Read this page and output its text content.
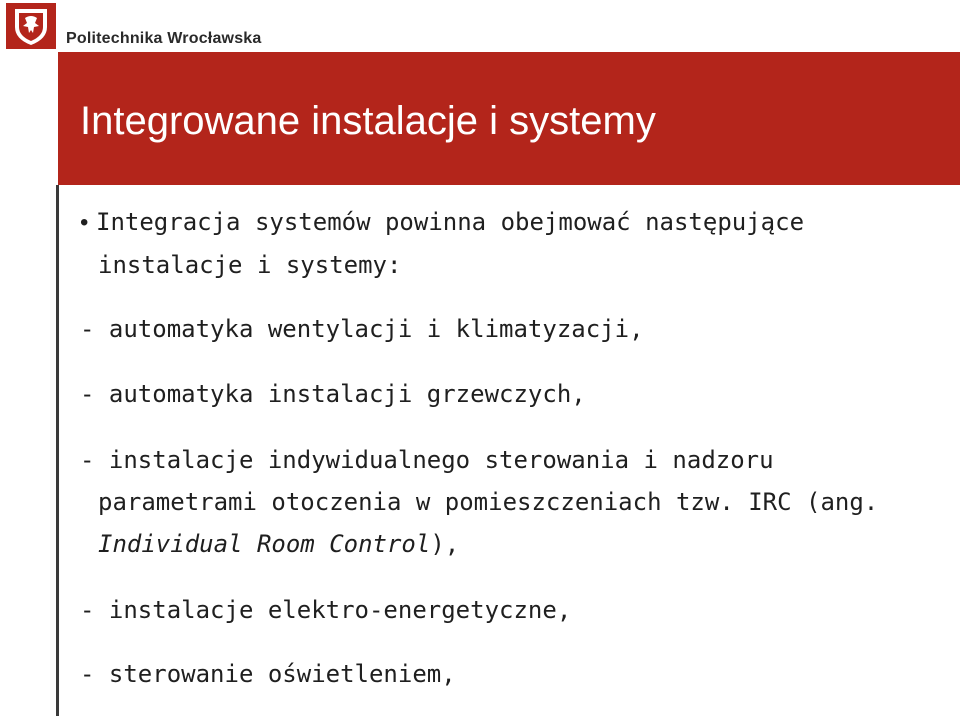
Politechnika Wrocławska
Integrowane instalacje i systemy
• Integracja systemów powinna obejmować następujące
instalacje i systemy:
- automatyka wentylacji i klimatyzacji,
- automatyka instalacji grzewczych,
- instalacje indywidualnego sterowania i nadzoru
parametrami otoczenia w pomieszczeniach tzw. IRC (ang.
Individual Room Control),
- instalacje elektro-energetyczne,
- sterowanie oświetleniem,
